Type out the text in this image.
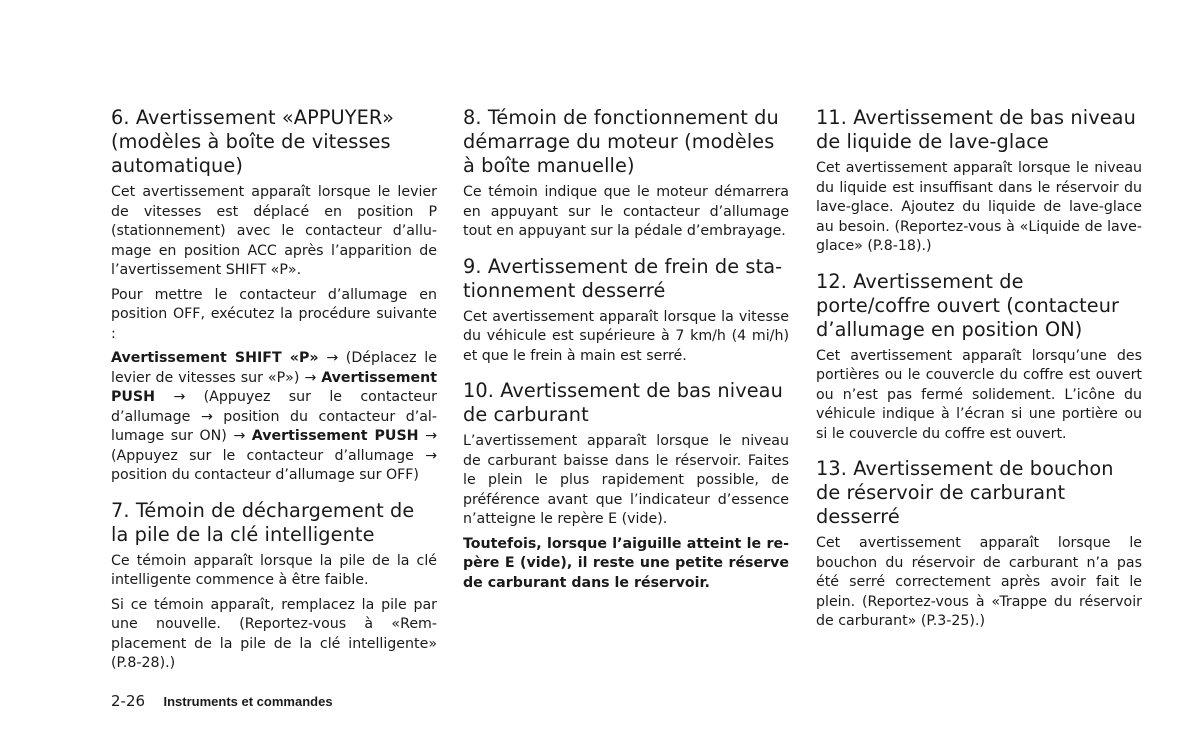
6. Avertissement «APPUYER» (modèles à boîte de vitesses automatique)

Cet avertissement apparaît lorsque le levier de vitesses est déplacé en position P (stationnement) avec le contacteur d’allumage en position ACC après l’apparition de l’avertissement SHIFT «P».

Pour mettre le contacteur d’allumage en position OFF, exécutez la procédure suivante :

Avertissement SHIFT «P» → (Déplacez le levier de vitesses sur «P») → Avertissement PUSH → (Appuyez sur le contacteur d’allumage → position du contacteur d’allumage sur ON) → Avertissement PUSH → (Appuyez sur le contacteur d’allumage → position du contacteur d’allumage sur OFF)

7. Témoin de déchargement de la pile de la clé intelligente

Ce témoin apparaît lorsque la pile de la clé intelligente commence à être faible.

Si ce témoin apparaît, remplacez la pile par une nouvelle. (Reportez-vous à «Remplacement de la pile de la clé intelligente» (P.8-28).)

8. Témoin de fonctionnement du démarrage du moteur (modèles à boîte manuelle)

Ce témoin indique que le moteur démarrera en appuyant sur le contacteur d’allumage tout en appuyant sur la pédale d’embrayage.

9. Avertissement de frein de stationnement desserré

Cet avertissement apparaît lorsque la vitesse du véhicule est supérieure à 7 km/h (4 mi/h) et que le frein à main est serré.

10. Avertissement de bas niveau de carburant

L’avertissement apparaît lorsque le niveau de carburant baisse dans le réservoir. Faites le plein le plus rapidement possible, de préférence avant que l’indicateur d’essence n’atteigne le repère E (vide).

Toutefois, lorsque l’aiguille atteint le repère E (vide), il reste une petite réserve de carburant dans le réservoir.

11. Avertissement de bas niveau de liquide de lave-glace

Cet avertissement apparaît lorsque le niveau du liquide est insuffisant dans le réservoir du lave-glace. Ajoutez du liquide de lave-glace au besoin. (Reportez-vous à «Liquide de lave-glace» (P.8-18).)

12. Avertissement de porte/coffre ouvert (contacteur d’allumage en position ON)

Cet avertissement apparaît lorsqu’une des portières ou le couvercle du coffre est ouvert ou n’est pas fermé solidement. L’icône du véhicule indique à l’écran si une portière ou si le couvercle du coffre est ouvert.

13. Avertissement de bouchon de réservoir de carburant desserré

Cet avertissement apparaît lorsque le bouchon du réservoir de carburant n’a pas été serré correctement après avoir fait le plein. (Reportez-vous à «Trappe du réservoir de carburant» (P.3-25).)

2-26 Instruments et commandes
